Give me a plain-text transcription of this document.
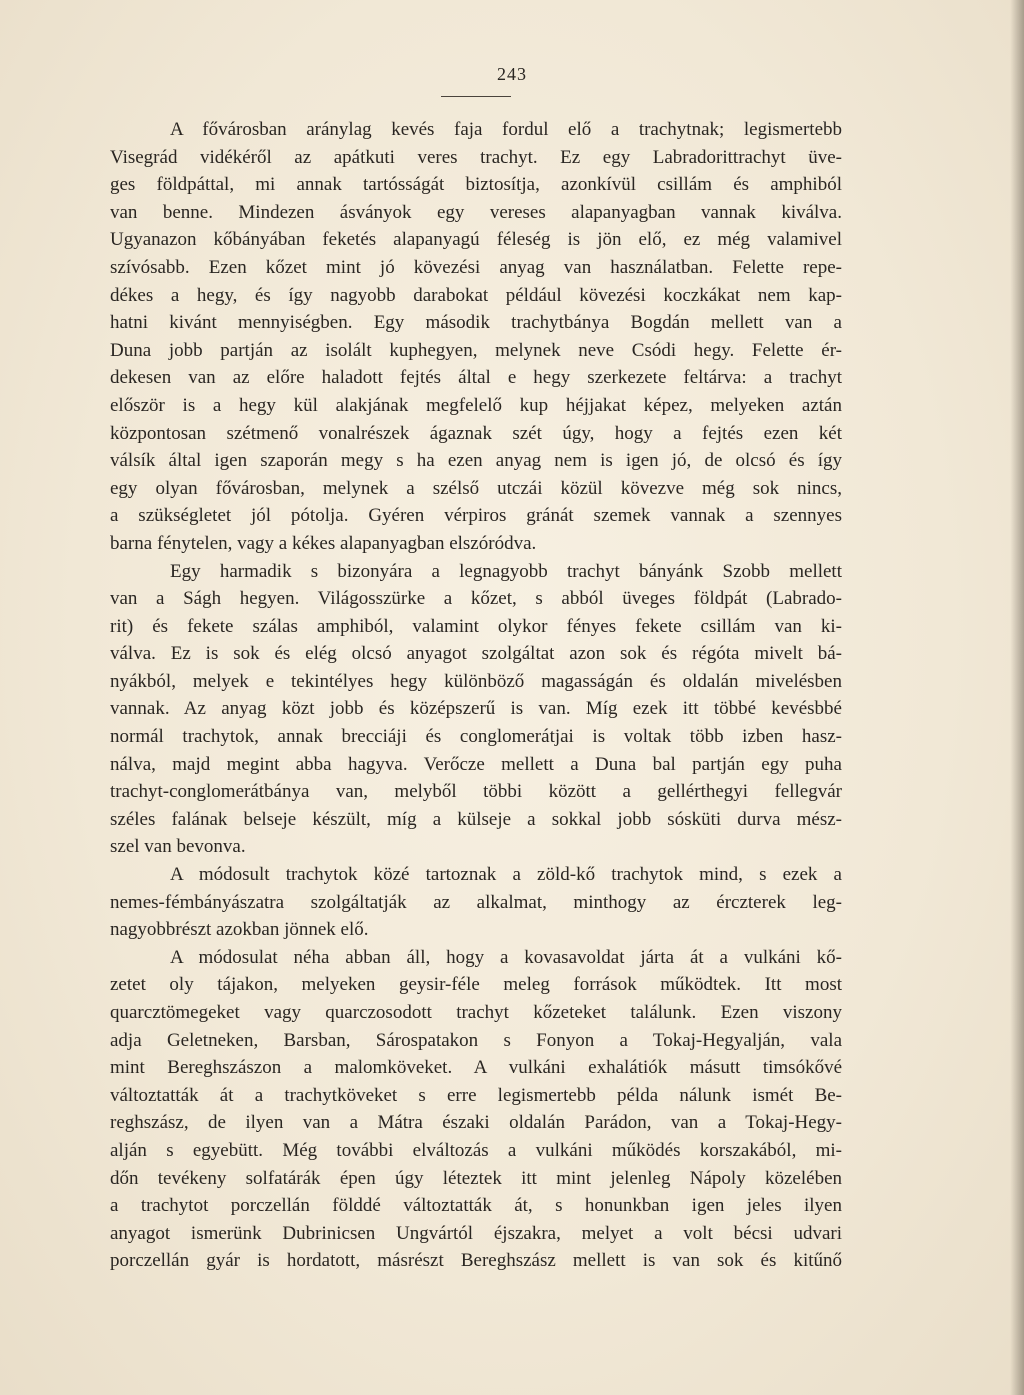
243
A fővárosban aránylag kevés faja fordul elő a trachytnak; legismertebb
Visegrád vidékéről az apátkuti veres trachyt. Ez egy Labradorittrachyt üve-
ges földpáttal, mi annak tartósságát biztosítja, azonkívül csillám és amphiból
van benne. Mindezen ásványok egy vereses alapanyagban vannak kiválva.
Ugyanazon kőbányában feketés alapanyagú féleség is jön elő, ez még valamivel
szívósabb. Ezen kőzet mint jó kövezési anyag van használatban. Felette repe-
dékes a hegy, és így nagyobb darabokat például kövezési koczkákat nem kap-
hatni kivánt mennyiségben. Egy második trachytbánya Bogdán mellett van a
Duna jobb partján az isolált kuphegyen, melynek neve Csódi hegy. Felette ér-
dekesen van az előre haladott fejtés által e hegy szerkezete feltárva: a trachyt
először is a hegy kül alakjának megfelelő kup héjjakat képez, melyeken aztán
központosan szétmenő vonalrészek ágaznak szét úgy, hogy a fejtés ezen két
válsík által igen szaporán megy s ha ezen anyag nem is igen jó, de olcsó és így
egy olyan fővárosban, melynek a szélső utczái közül kövezve még sok nincs,
a szükségletet jól pótolja. Gyéren vérpiros gránát szemek vannak a szennyes
barna fénytelen, vagy a kékes alapanyagban elszóródva.
Egy harmadik s bizonyára a legnagyobb trachyt bányánk Szobb mellett
van a Ságh hegyen. Világosszürke a kőzet, s abból üveges földpát (Labrado-
rit) és fekete szálas amphiból, valamint olykor fényes fekete csillám van ki-
válva. Ez is sok és elég olcsó anyagot szolgáltat azon sok és régóta mivelt bá-
nyákból, melyek e tekintélyes hegy különböző magasságán és oldalán mivelésben
vannak. Az anyag közt jobb és középszerű is van. Míg ezek itt többé kevésbbé
normál trachytok, annak brecciáji és conglomerátjai is voltak több izben hasz-
nálva, majd megint abba hagyva. Verőcze mellett a Duna bal partján egy puha
trachyt-conglomerátbánya van, melyből többi között a gellérthegyi fellegvár
széles falának belseje készült, míg a külseje a sokkal jobb sósküti durva mész-
szel van bevonva.
A módosult trachytok közé tartoznak a zöld-kő trachytok mind, s ezek a
nemes-fémbányászatra szolgáltatják az alkalmat, minthogy az érczterek leg-
nagyobbrészt azokban jönnek elő.
A módosulat néha abban áll, hogy a kovasavoldat járta át a vulkáni kő-
zetet oly tájakon, melyeken geysir-féle meleg források működtek. Itt most
quarcztömegeket vagy quarczosodott trachyt kőzeteket találunk. Ezen viszony
adja Geletneken, Barsban, Sárospatakon s Fonyon a Tokaj-Hegyalján, vala
mint Bereghszászon a malomköveket. A vulkáni exhalátiók másutt timsókővé
változtatták át a trachytköveket s erre legismertebb példa nálunk ismét Be-
reghszász, de ilyen van a Mátra északi oldalán Parádon, van a Tokaj-Hegy-
alján s egyebütt. Még további elváltozás a vulkáni működés korszakából, mi-
dőn tevékeny solfatárák épen úgy léteztek itt mint jelenleg Nápoly közelében
a trachytot porczellán földdé változtatták át, s honunkban igen jeles ilyen
anyagot ismerünk Dubrinicsen Ungvártól éjszakra, melyet a volt bécsi udvari
porczellán gyár is hordatott, másrészt Bereghszász mellett is van sok és kitűnő
